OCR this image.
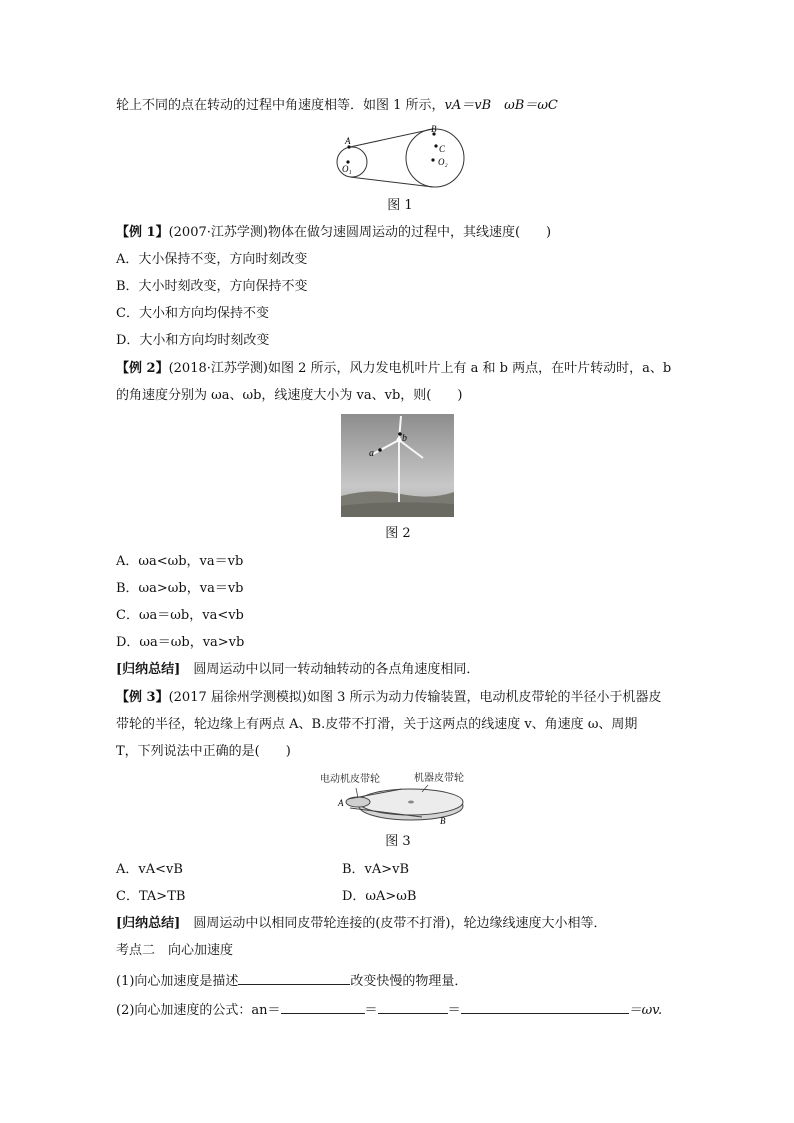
轮上不同的点在转动的过程中角速度相等．如图 1 所示，vA＝vB　ωB＝ωC
A
O₁
B
C
O₂
图 1
【例 1】(2007·江苏学测)物体在做匀速圆周运动的过程中，其线速度(　　)
A．大小保持不变，方向时刻改变
B．大小时刻改变，方向保持不变
C．大小和方向均保持不变
D．大小和方向均时刻改变
【例 2】(2018·江苏学测)如图 2 所示，风力发电机叶片上有 a 和 b 两点，在叶片转动时，a、b
的角速度分别为 ωa、ωb，线速度大小为 va、vb，则(　　)
b
a
图 2
A．ωa<ωb，va＝vb
B．ωa>ωb，va＝vb
C．ωa＝ωb，va<vb
D．ωa＝ωb，va>vb
[归纳总结]　 圆周运动中以同一转动轴转动的各点角速度相同．
【例 3】(2017 届徐州学测模拟)如图 3 所示为动力传输装置，电动机皮带轮的半径小于机器皮
带轮的半径，轮边缘上有两点 A、B.皮带不打滑，关于这两点的线速度 v、角速度 ω、周期
T，下列说法中正确的是(　　)
电动机皮带轮	机器皮带轮
A
B
图 3
A．vA<vB	B．vA>vB
C．TA>TB	D．ωA>ωB
[归纳总结]　 圆周运动中以相同皮带轮连接的(皮带不打滑)，轮边缘线速度大小相等．
考点二　向心加速度
(1)向心加速度是描述	改变快慢的物理量．
(2)向心加速度的公式：an＝	＝	＝	＝ωv.
